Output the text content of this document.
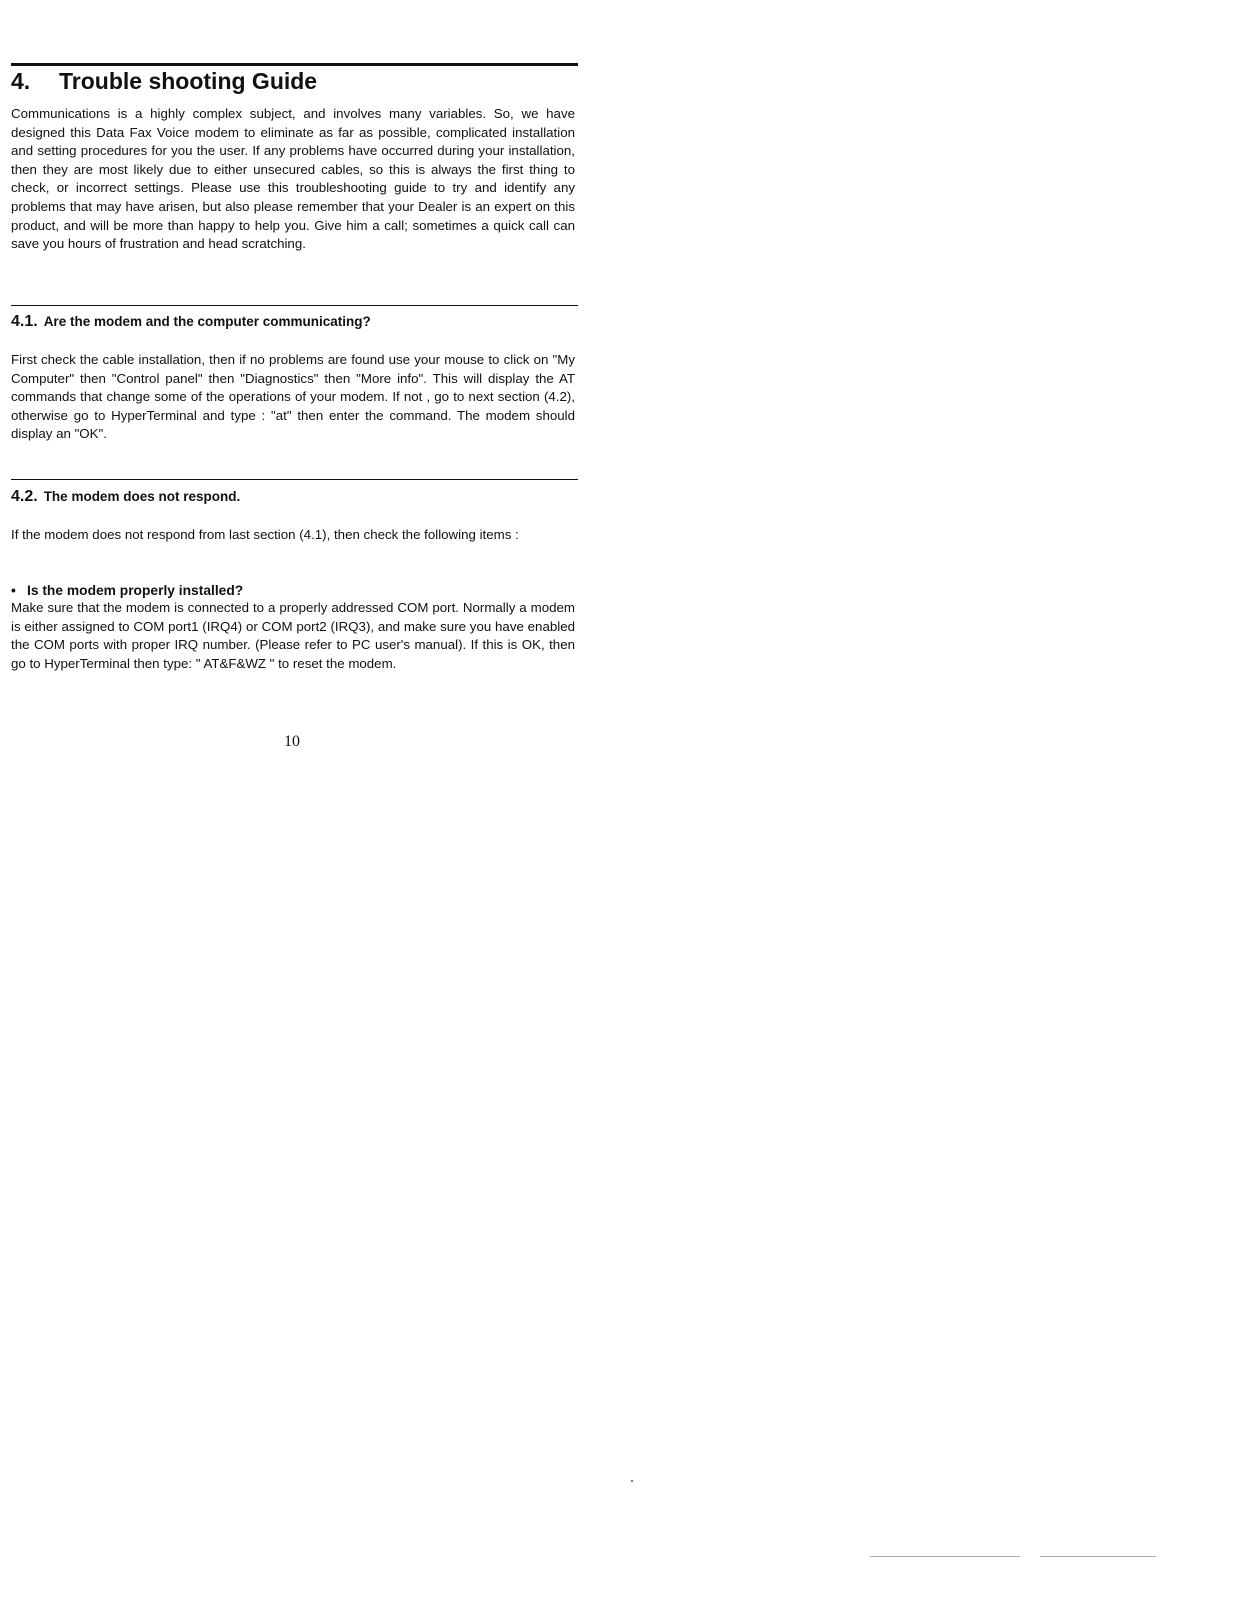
4. Trouble shooting Guide

Communications is a highly complex subject, and involves many variables. So, we have designed this Data Fax Voice modem to eliminate as far as possible, complicated installation and setting procedures for you the user. If any problems have occurred during your installation, then they are most likely due to either unsecured cables, so this is always the first thing to check, or incorrect settings. Please use this troubleshooting guide to try and identify any problems that may have arisen, but also please remember that your Dealer is an expert on this product, and will be more than happy to help you. Give him a call; sometimes a quick call can save you hours of frustration and head scratching.

4.1. Are the modem and the computer communicating?

First check the cable installation, then if no problems are found use your mouse to click on "My Computer" then "Control panel" then "Diagnostics" then "More info". This will display the AT commands that change some of the operations of your modem. If not , go to next section (4.2), otherwise go to HyperTerminal and type : "at" then enter the command. The modem should display an "OK".

4.2. The modem does not respond.

If the modem does not respond from last section (4.1), then check the following items :

• Is the modem properly installed?

Make sure that the modem is connected to a properly addressed COM port. Normally a modem is either assigned to COM port1 (IRQ4) or COM port2 (IRQ3), and make sure you have enabled the COM ports with proper IRQ number. (Please refer to PC user's manual). If this is OK, then go to HyperTerminal then type: " AT&F&WZ " to reset the modem.

10
